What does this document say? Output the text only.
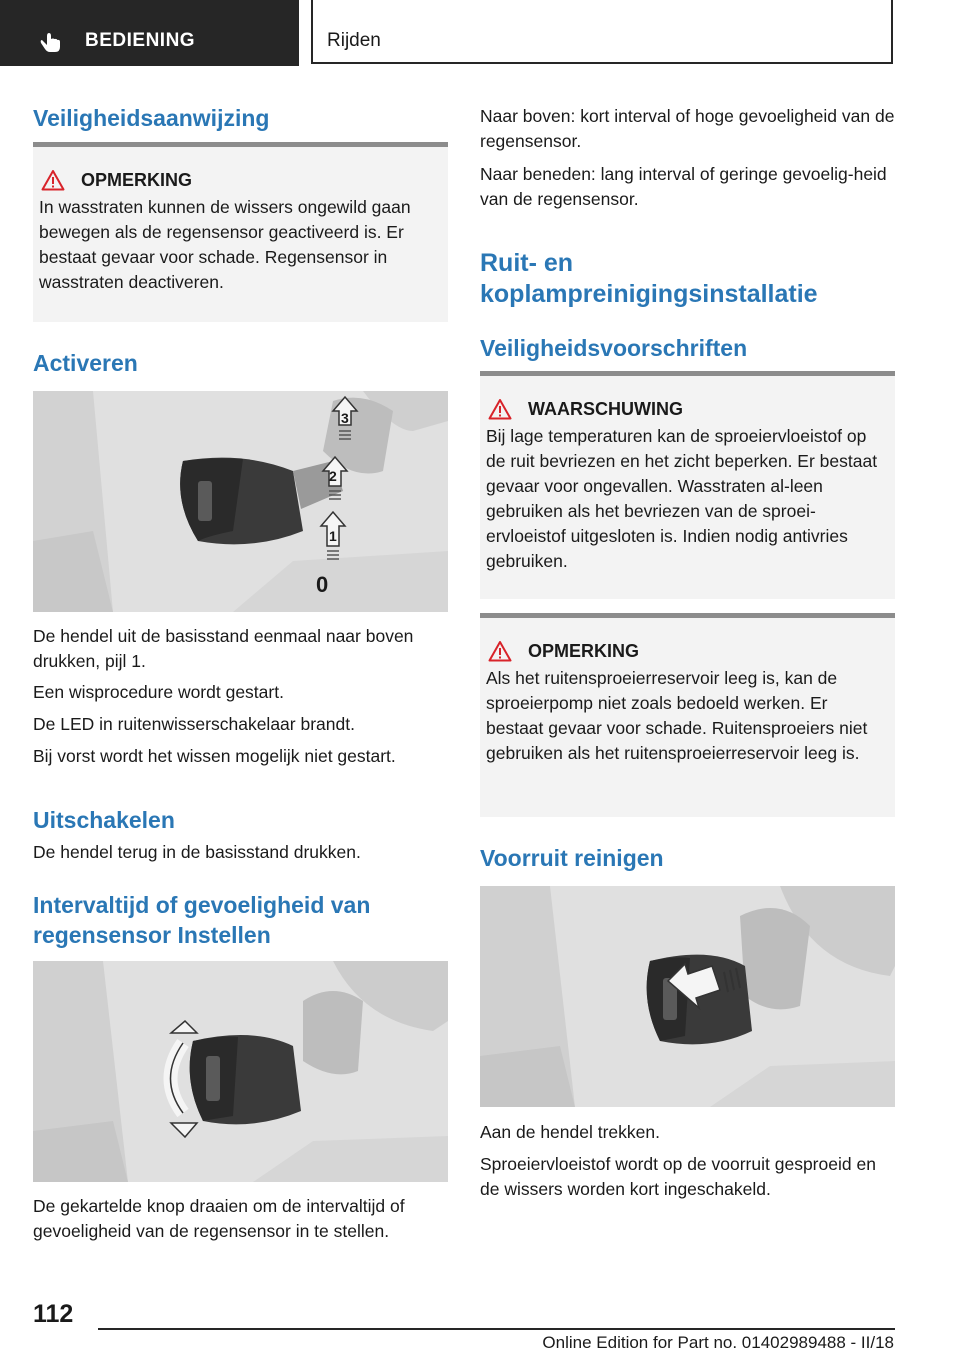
BEDIENING	Rijden
Veiligheidsaanwijzing
OPMERKING
In wasstraten kunnen de wissers ongewild gaan bewegen als de regensensor geactiveerd is. Er bestaat gevaar voor schade. Regensensor in wasstraten deactiveren.
Activeren
3
2
1
0

De hendel uit de basisstand eenmaal naar boven drukken, pijl 1.

Een wisprocedure wordt gestart.

De LED in ruitenwisserschakelaar brandt.

Bij vorst wordt het wissen mogelijk niet gestart.

Uitschakelen

De hendel terug in de basisstand drukken.

Intervaltijd of gevoeligheid van regensensor Instellen

De gekartelde knop draaien om de intervaltijd of gevoeligheid van de regensensor in te stellen.

Naar boven: kort interval of hoge gevoeligheid van de regensensor.

Naar beneden: lang interval of geringe gevoelig-heid van de regensensor.

Ruit- en koplampreinigingsinstallatie
Veiligheidsvoorschriften
WAARSCHUWING
Bij lage temperaturen kan de sproeiervloeistof op de ruit bevriezen en het zicht beperken. Er bestaat gevaar voor ongevallen. Wasstraten al-leen gebruiken als het bevriezen van de sproei-ervloeistof uitgesloten is. Indien nodig antivries gebruiken.
OPMERKING
Als het ruitensproeierreservoir leeg is, kan de sproeierpomp niet zoals bedoeld werken. Er bestaat gevaar voor schade. Ruitensproeiers niet gebruiken als het ruitensproeierreservoir leeg is.
Voorruit reinigen

Aan de hendel trekken.

Sproeiervloeistof wordt op de voorruit gesproeid en de wissers worden kort ingeschakeld.

112
Online Edition for Part no. 01402989488 - II/18
